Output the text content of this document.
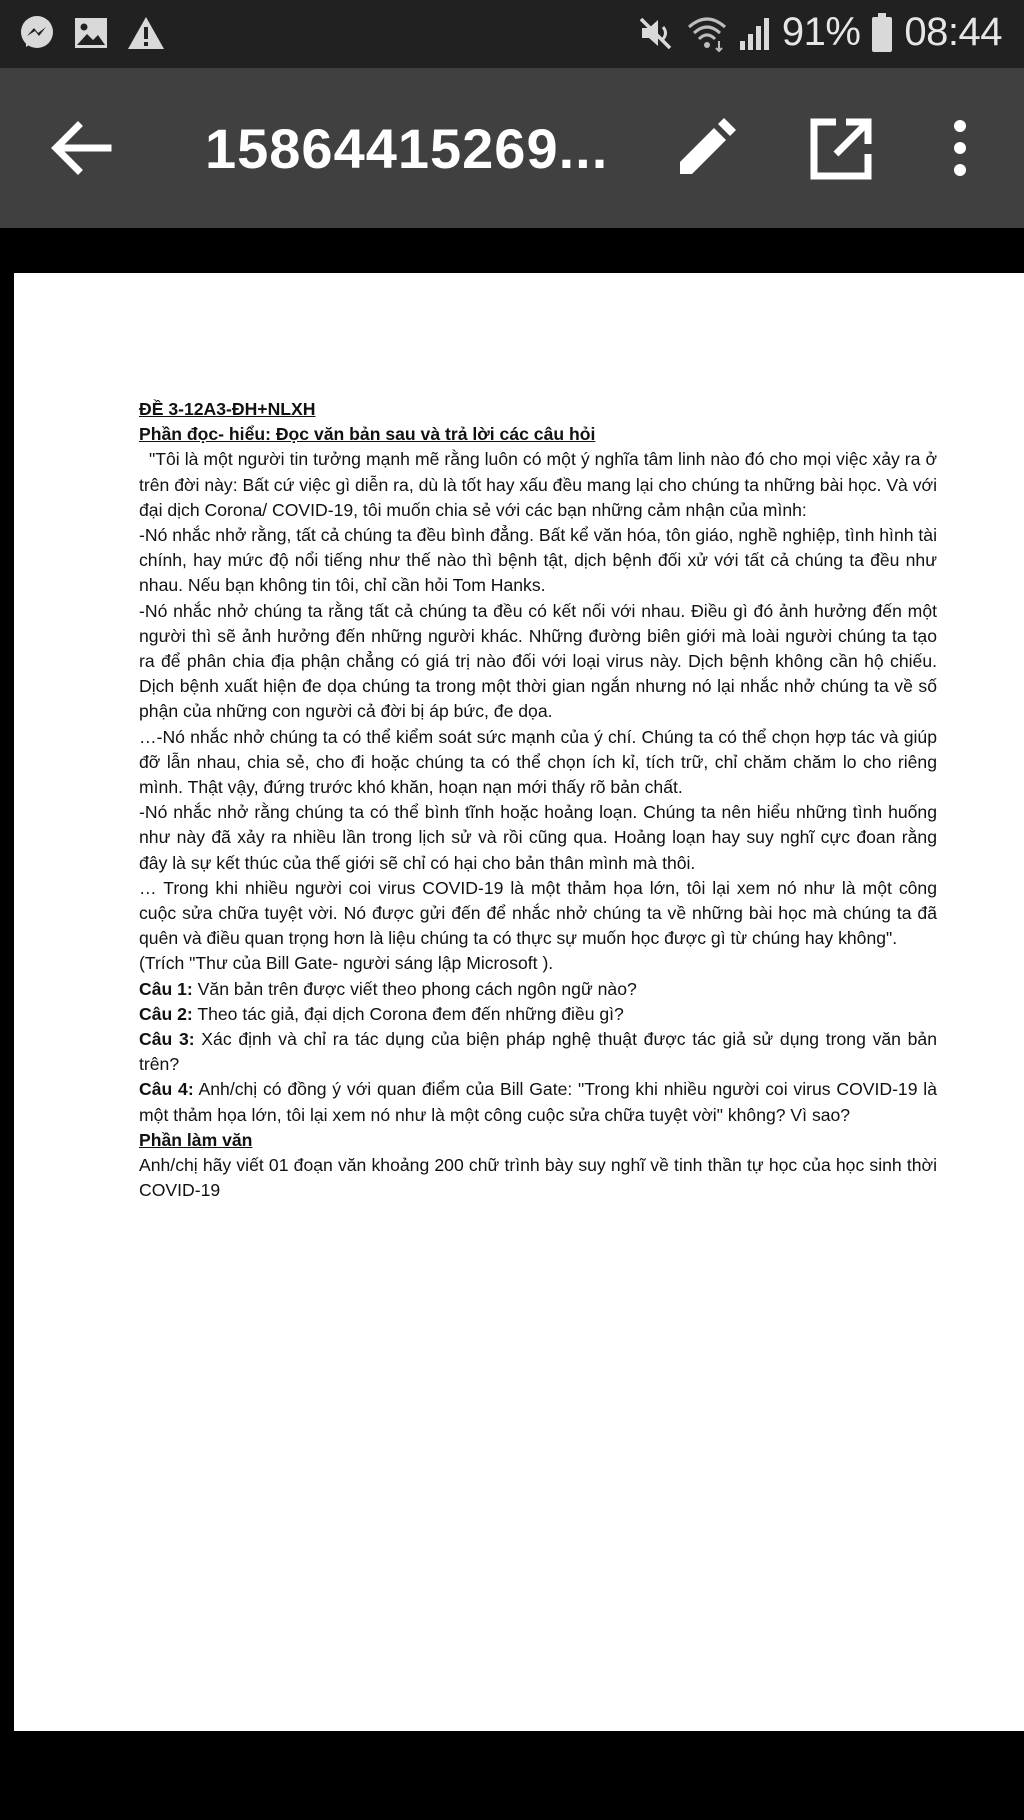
91% 08:44
15864415269...

ĐỀ 3-12A3-ĐH+NLXH

Phần đọc- hiểu: Đọc văn bản sau và trả lời các câu hỏi

"Tôi là một người tin tưởng mạnh mẽ rằng luôn có một ý nghĩa tâm linh nào đó cho mọi việc xảy ra ở trên đời này: Bất cứ việc gì diễn ra, dù là tốt hay xấu đều mang lại cho chúng ta những bài học. Và với đại dịch Corona/ COVID-19, tôi muốn chia sẻ với các bạn những cảm nhận của mình:

-Nó nhắc nhở rằng, tất cả chúng ta đều bình đẳng. Bất kể văn hóa, tôn giáo, nghề nghiệp, tình hình tài chính, hay mức độ nổi tiếng như thế nào thì bệnh tật, dịch bệnh đối xử với tất cả chúng ta đều như nhau. Nếu bạn không tin tôi, chỉ cần hỏi Tom Hanks.

-Nó nhắc nhở chúng ta rằng tất cả chúng ta đều có kết nối với nhau. Điều gì đó ảnh hưởng đến một người thì sẽ ảnh hưởng đến những người khác. Những đường biên giới mà loài người chúng ta tạo ra để phân chia địa phận chẳng có giá trị nào đối với loại virus này. Dịch bệnh không cần hộ chiếu. Dịch bệnh xuất hiện đe dọa chúng ta trong một thời gian ngắn nhưng nó lại nhắc nhở chúng ta về số phận của những con người cả đời bị áp bức, đe dọa.

…-Nó nhắc nhở chúng ta có thể kiểm soát sức mạnh của ý chí. Chúng ta có thể chọn hợp tác và giúp đỡ lẫn nhau, chia sẻ, cho đi hoặc chúng ta có thể chọn ích kỉ, tích trữ, chỉ chăm chăm lo cho riêng mình. Thật vậy, đứng trước khó khăn, hoạn nạn mới thấy rõ bản chất.

-Nó nhắc nhở rằng chúng ta có thể bình tĩnh hoặc hoảng loạn. Chúng ta nên hiểu những tình huống như này đã xảy ra nhiều lần trong lịch sử và rồi cũng qua. Hoảng loạn hay suy nghĩ cực đoan rằng đây là sự kết thúc của thế giới sẽ chỉ có hại cho bản thân mình mà thôi.

… Trong khi nhiều người coi virus COVID-19 là một thảm họa lớn, tôi lại xem nó như là một công cuộc sửa chữa tuyệt vời. Nó được gửi đến để nhắc nhở chúng ta về những bài học mà chúng ta đã quên và điều quan trọng hơn là liệu chúng ta có thực sự muốn học được gì từ chúng hay không".

(Trích "Thư của Bill Gate- người sáng lập Microsoft ).

Câu 1: Văn bản trên được viết theo phong cách ngôn ngữ nào?

Câu 2: Theo tác giả, đại dịch Corona đem đến những điều gì?

Câu 3: Xác định và chỉ ra tác dụng của biện pháp nghệ thuật được tác giả sử dụng trong văn bản trên?

Câu 4: Anh/chị có đồng ý với quan điểm của Bill Gate: "Trong khi nhiều người coi virus COVID-19 là một thảm họa lớn, tôi lại xem nó như là một công cuộc sửa chữa tuyệt vời" không? Vì sao?

Phần làm văn

Anh/chị hãy viết 01 đoạn văn khoảng 200 chữ trình bày suy nghĩ về tinh thần tự học của học sinh thời COVID-19
